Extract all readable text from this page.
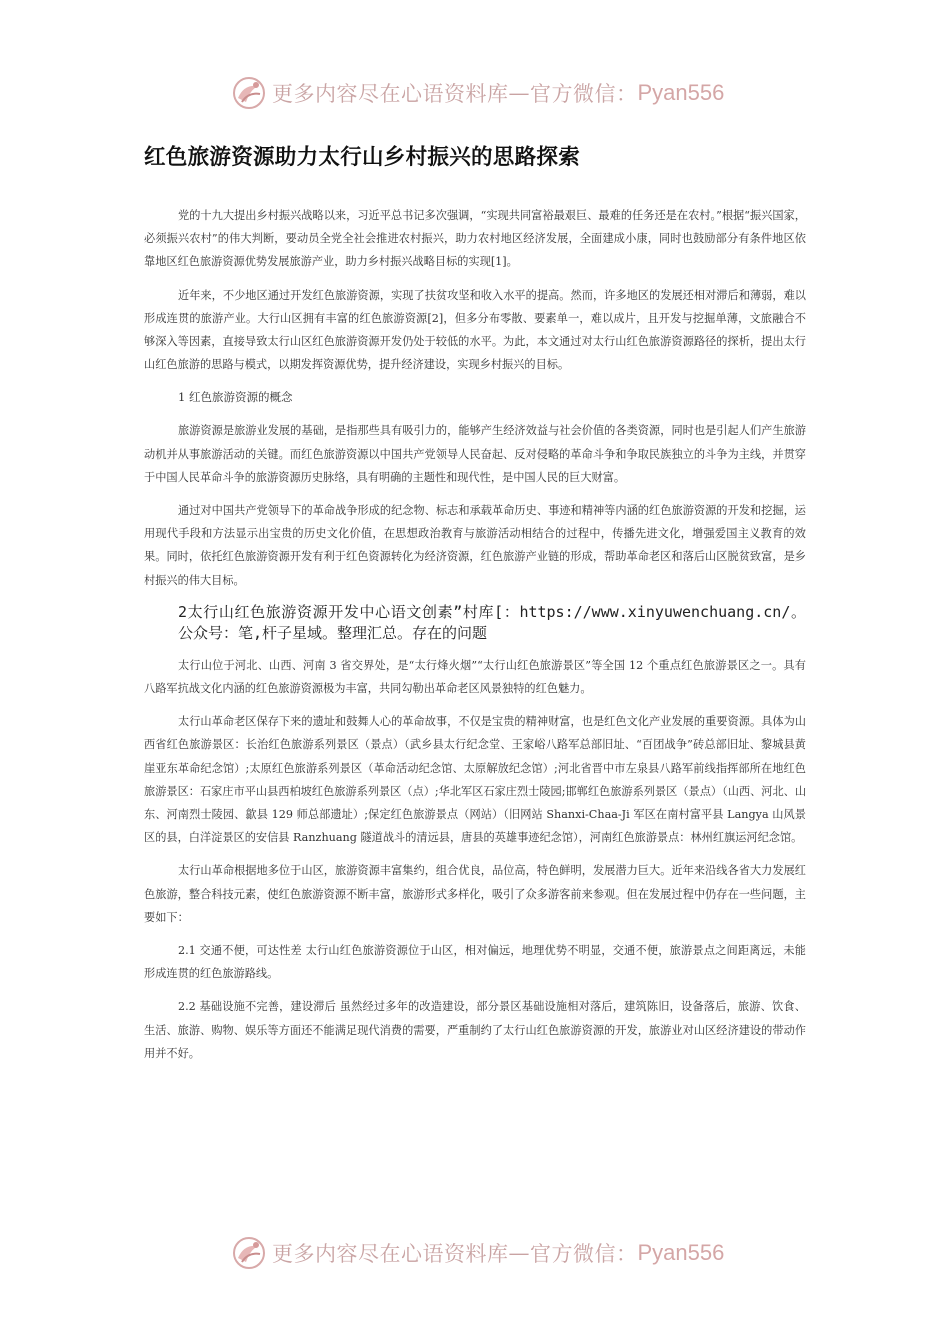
更多内容尽在心语资料库 — 官方微信： Pyan556
红色旅游资源助力太行山乡村振兴的思路探索

党的十九大提出乡村振兴战略以来，习近平总书记多次强调，“实现共同富裕最艰巨、最难的任务还是在农村。”根据“振兴国家，必须振兴农村”的伟大判断，要动员全党全社会推进农村振兴，助力农村地区经济发展，全面建成小康，同时也鼓励部分有条件地区依靠地区红色旅游资源优势发展旅游产业，助力乡村振兴战略目标的实现[1]。

近年来，不少地区通过开发红色旅游资源，实现了扶贫攻坚和收入水平的提高。然而，许多地区的发展还相对滞后和薄弱，难以形成连贯的旅游产业。大行山区拥有丰富的红色旅游资源[2]，但多分布零散、要素单一，难以成片，且开发与挖掘单薄，文旅融合不够深入等因素，直接导致太行山区红色旅游资源开发仍处于较低的水平。为此，本文通过对太行山红色旅游资源路径的探析，提出太行山红色旅游的思路与模式，以期发挥资源优势，提升经济建设，实现乡村振兴的目标。

1 红色旅游资源的概念

旅游资源是旅游业发展的基础，是指那些具有吸引力的，能够产生经济效益与社会价值的各类资源，同时也是引起人们产生旅游动机并从事旅游活动的关键。而红色旅游资源以中国共产党领导人民奋起、反对侵略的革命斗争和争取民族独立的斗争为主线，并贯穿于中国人民革命斗争的旅游资源历史脉络，具有明确的主题性和现代性，是中国人民的巨大财富。

通过对中国共产党领导下的革命战争形成的纪念物、标志和承载革命历史、事迹和精神等内涵的红色旅游资源的开发和挖掘，运用现代手段和方法显示出宝贵的历史文化价值，在思想政治教育与旅游活动相结合的过程中，传播先进文化，增强爱国主义教育的效果。同时，依托红色旅游资源开发有利于红色资源转化为经济资源，红色旅游产业链的形成，帮助革命老区和落后山区脱贫致富，是乡村振兴的伟大目标。

2太行山红色旅游资源开发中心语文创素”村库[：https://www.xinyuwenchuang.cn/。公众号：笔,杆子星域。整理汇总。存在的问题

太行山位于河北、山西、河南 3 省交界处，是“太行烽火烟”“太行山红色旅游景区”等全国 12 个重点红色旅游景区之一。具有八路军抗战文化内涵的红色旅游资源极为丰富，共同勾勒出革命老区风景独特的红色魅力。

太行山革命老区保存下来的遗址和鼓舞人心的革命故事，不仅是宝贵的精神财富，也是红色文化产业发展的重要资源。具体为山西省红色旅游景区：长治红色旅游系列景区（景点）（武乡县太行纪念堂、王家峪八路军总部旧址、“百团战争”砖总部旧址、黎城县黄崖亚东革命纪念馆）;太原红色旅游系列景区（革命活动纪念馆、太原解放纪念馆）;河北省晋中市左泉县八路军前线指挥部所在地红色旅游景区：石家庄市平山县西柏坡红色旅游系列景区（点）;华北军区石家庄烈士陵园;邯郸红色旅游系列景区（景点）（山西、河北、山东、河南烈士陵园、歙县 129 师总部遗址）;保定红色旅游景点（网站）（旧网站 Shanxi-Chaa-Ji 军区在南村富平县 Langya 山风景区的县，白洋淀景区的安信县 Ranzhuang 隧道战斗的清远县，唐县的英雄事迹纪念馆），河南红色旅游景点：林州红旗运河纪念馆。

太行山革命根据地多位于山区，旅游资源丰富集约，组合优良，品位高，特色鲜明，发展潜力巨大。近年来沿线各省大力发展红色旅游，整合科技元素，使红色旅游资源不断丰富，旅游形式多样化，吸引了众多游客前来参观。但在发展过程中仍存在一些问题，主要如下：

2.1 交通不便，可达性差 太行山红色旅游资源位于山区，相对偏远，地理优势不明显，交通不便，旅游景点之间距离远，未能形成连贯的红色旅游路线。

2.2 基础设施不完善，建设滞后 虽然经过多年的改造建设，部分景区基础设施相对落后，建筑陈旧，设备落后，旅游、饮食、生活、旅游、购物、娱乐等方面还不能满足现代消费的需要，严重制约了太行山红色旅游资源的开发，旅游业对山区经济建设的带动作用并不好。

更多内容尽在心语资料库 — 官方微信： Pyan556
